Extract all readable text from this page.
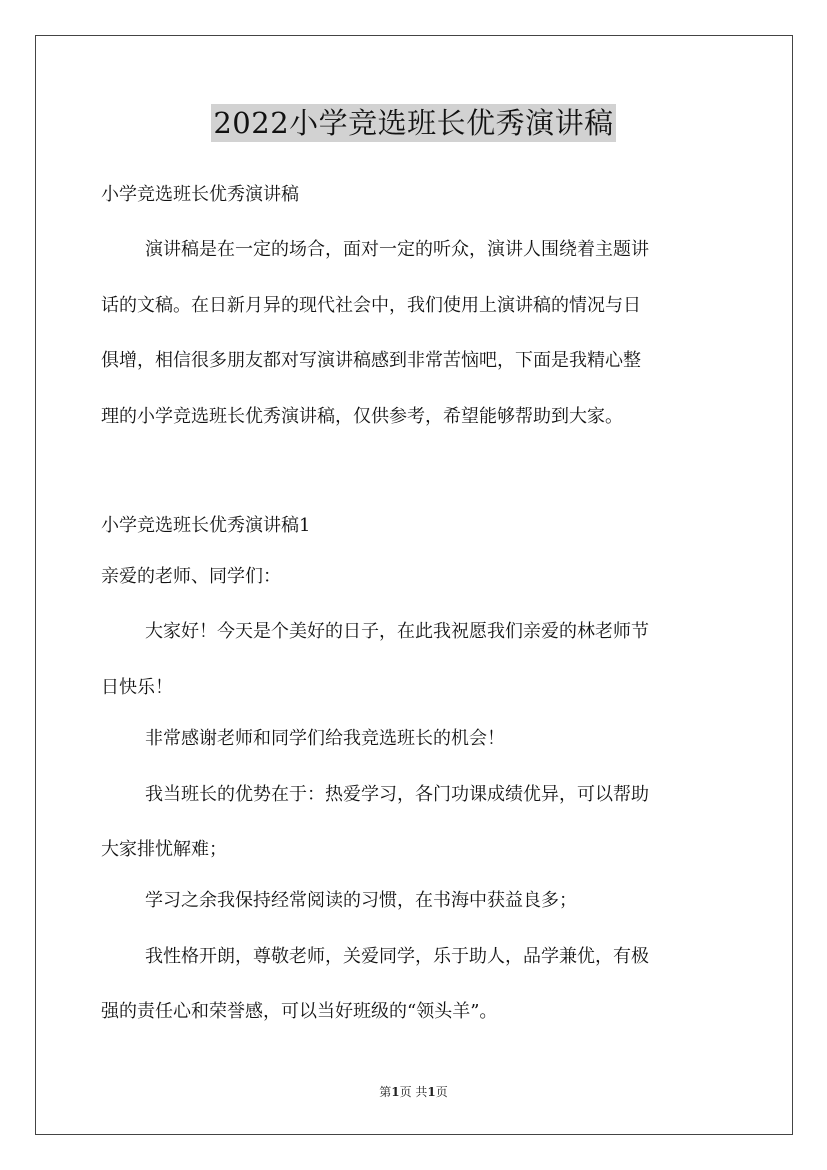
2022小学竞选班长优秀演讲稿
小学竞选班长优秀演讲稿
演讲稿是在一定的场合，面对一定的听众，演讲人围绕着主题讲
话的文稿。在日新月异的现代社会中，我们使用上演讲稿的情况与日
俱增，相信很多朋友都对写演讲稿感到非常苦恼吧，下面是我精心整
理的小学竞选班长优秀演讲稿，仅供参考，希望能够帮助到大家。
小学竞选班长优秀演讲稿1
亲爱的老师、同学们：
大家好！今天是个美好的日子，在此我祝愿我们亲爱的林老师节
日快乐！
非常感谢老师和同学们给我竞选班长的机会！
我当班长的优势在于：热爱学习，各门功课成绩优异，可以帮助
大家排忧解难；
学习之余我保持经常阅读的习惯，在书海中获益良多；
我性格开朗，尊敬老师，关爱同学，乐于助人，品学兼优，有极
强的责任心和荣誉感，可以当好班级的“领头羊”。
第1页 共1页
